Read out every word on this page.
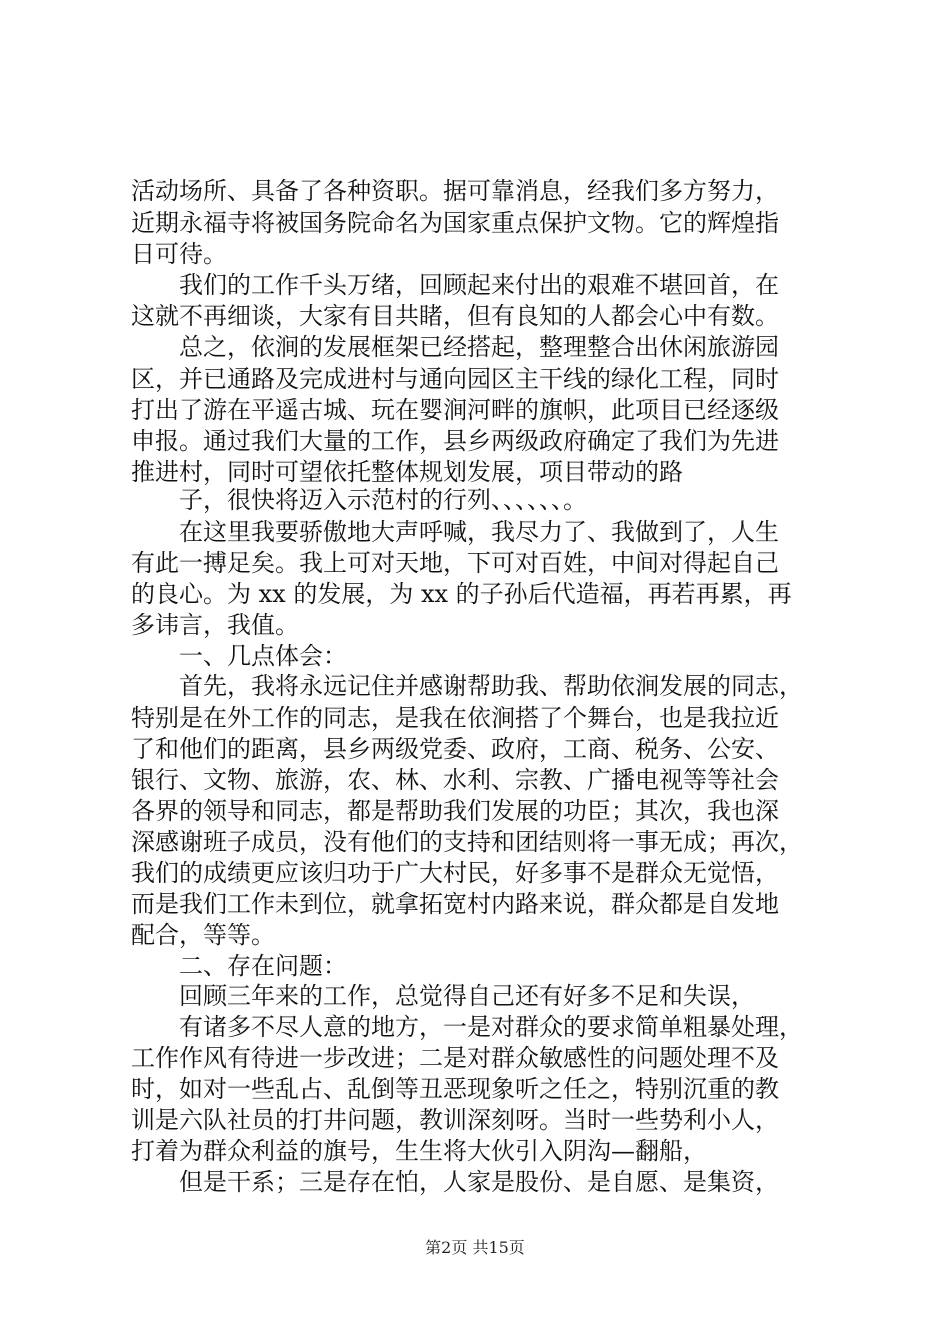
活动场所、具备了各种资职。据可靠消息，经我们多方努力，
近期永福寺将被国务院命名为国家重点保护文物。它的辉煌指
日可待。
我们的工作千头万绪，回顾起来付出的艰难不堪回首，在
这就不再细谈，大家有目共睹，但有良知的人都会心中有数。
总之，依涧的发展框架已经搭起，整理整合出休闲旅游园
区，并已通路及完成进村与通向园区主干线的绿化工程，同时
打出了游在平遥古城、玩在婴涧河畔的旗帜，此项目已经逐级
申报。通过我们大量的工作，县乡两级政府确定了我们为先进
推进村，同时可望依托整体规划发展，项目带动的路
子，很快将迈入示范村的行列、、、、、、。
在这里我要骄傲地大声呼喊，我尽力了、我做到了，人生
有此一搏足矣。我上可对天地，下可对百姓，中间对得起自己
的良心。为 xx 的发展，为 xx 的子孙后代造福，再若再累，再
多讳言，我值。
一、几点体会：
首先，我将永远记住并感谢帮助我、帮助依涧发展的同志，
特别是在外工作的同志，是我在依涧搭了个舞台，也是我拉近
了和他们的距离，县乡两级党委、政府，工商、税务、公安、
银行、文物、旅游，农、林、水利、宗教、广播电视等等社会
各界的领导和同志，都是帮助我们发展的功臣；其次，我也深
深感谢班子成员，没有他们的支持和团结则将一事无成；再次，
我们的成绩更应该归功于广大村民，好多事不是群众无觉悟，
而是我们工作未到位，就拿拓宽村内路来说，群众都是自发地
配合，等等。
二、存在问题：
回顾三年来的工作，总觉得自己还有好多不足和失误，
有诸多不尽人意的地方，一是对群众的要求简单粗暴处理，
工作作风有待进一步改进；二是对群众敏感性的问题处理不及
时，如对一些乱占、乱倒等丑恶现象听之任之，特别沉重的教
训是六队社员的打井问题，教训深刻呀。当时一些势利小人，
打着为群众利益的旗号，生生将大伙引入阴沟—翻船，
但是干系；三是存在怕，人家是股份、是自愿、是集资，
第2页 共15页
